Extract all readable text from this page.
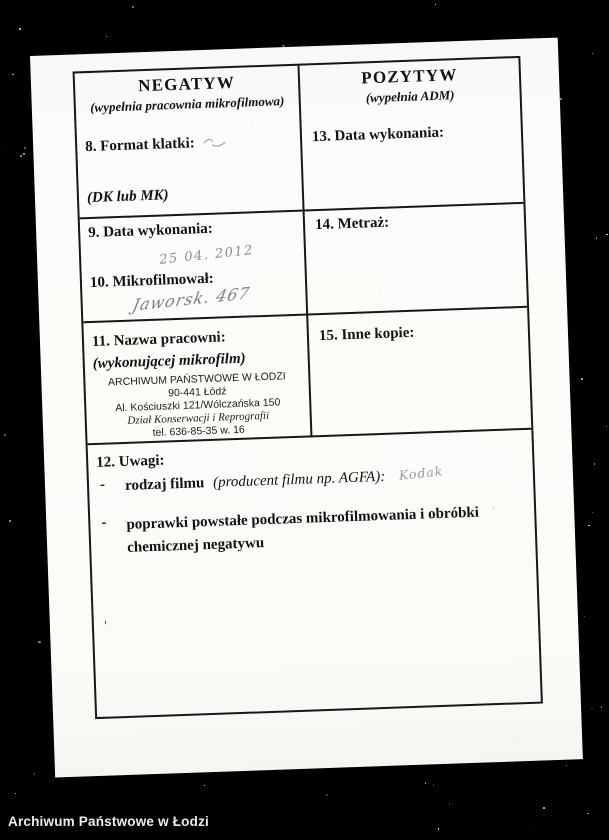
NEGATYW
(wypełnia pracownia mikrofilmowa)
8. Format klatki:
(DK lub MK)
POZYTYW
(wypełnia ADM)
13. Data wykonania:
9. Data wykonania:
25 04. 2012
10. Mikrofilmował:
Jaworsk. 467
14. Metraż:
11. Nazwa pracowni:
(wykonującej mikrofilm)
ARCHIWUM PAŃSTWOWE W ŁODZI
90-441 Łódź
Al. Kościuszki 121/Wólczańska 150
Dział Konserwacji i Reprografii
tel. 636-85-35 w. 16
15. Inne kopie:
12. Uwagi:
- rodzaj filmu (producent filmu np. AGFA): Kodak
- poprawki powstałe podczas mikrofilmowania i obróbki chemicznej negatywu
'
Archiwum Państwowe w Łodzi
